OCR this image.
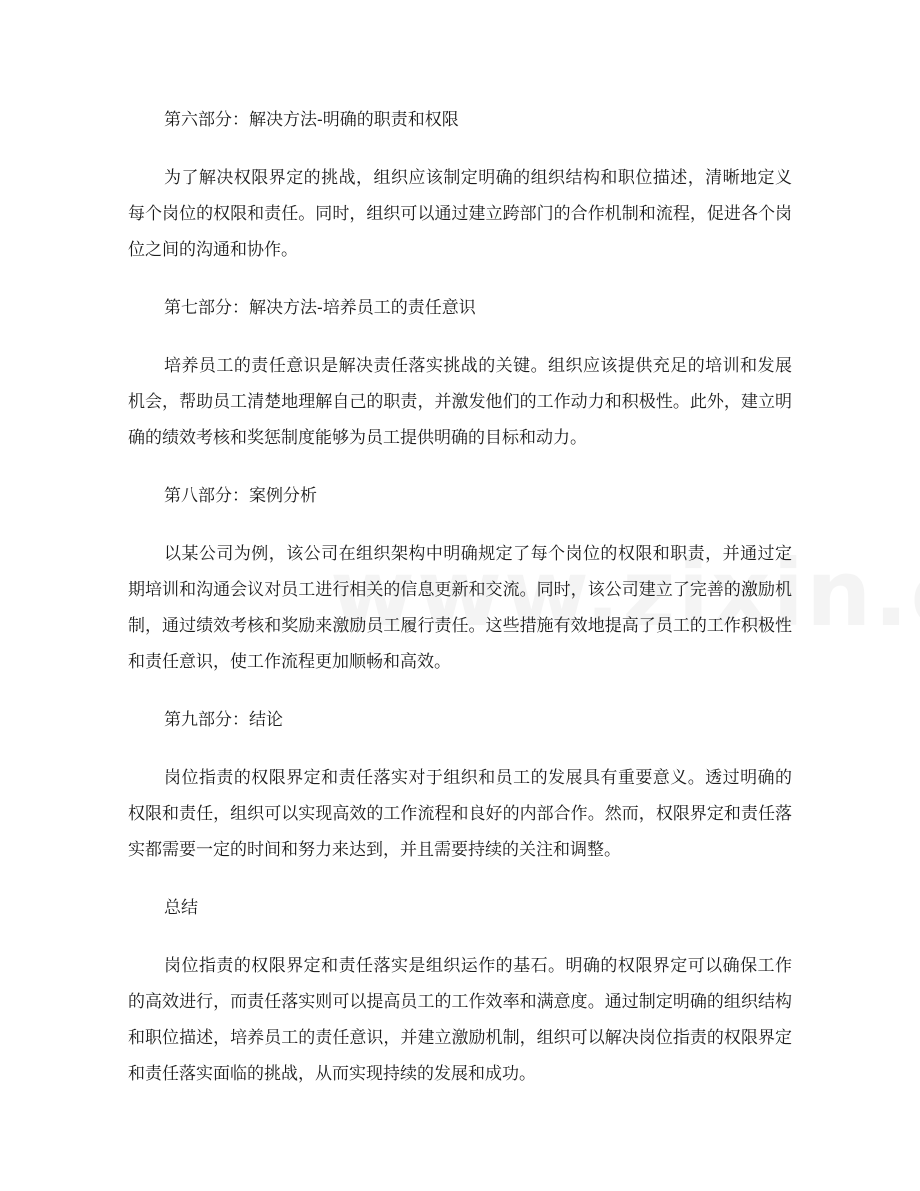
第六部分：解决方法-明确的职责和权限

为了解决权限界定的挑战，组织应该制定明确的组织结构和职位描述，清晰地定义每个岗位的权限和责任。同时，组织可以通过建立跨部门的合作机制和流程，促进各个岗位之间的沟通和协作。

第七部分：解决方法-培养员工的责任意识

培养员工的责任意识是解决责任落实挑战的关键。组织应该提供充足的培训和发展机会，帮助员工清楚地理解自己的职责，并激发他们的工作动力和积极性。此外，建立明确的绩效考核和奖惩制度能够为员工提供明确的目标和动力。

第八部分：案例分析

以某公司为例，该公司在组织架构中明确规定了每个岗位的权限和职责，并通过定期培训和沟通会议对员工进行相关的信息更新和交流。同时，该公司建立了完善的激励机制，通过绩效考核和奖励来激励员工履行责任。这些措施有效地提高了员工的工作积极性和责任意识，使工作流程更加顺畅和高效。

第九部分：结论

岗位指责的权限界定和责任落实对于组织和员工的发展具有重要意义。透过明确的权限和责任，组织可以实现高效的工作流程和良好的内部合作。然而，权限界定和责任落实都需要一定的时间和努力来达到，并且需要持续的关注和调整。

总结

岗位指责的权限界定和责任落实是组织运作的基石。明确的权限界定可以确保工作的高效进行，而责任落实则可以提高员工的工作效率和满意度。通过制定明确的组织结构和职位描述，培养员工的责任意识，并建立激励机制，组织可以解决岗位指责的权限界定和责任落实面临的挑战，从而实现持续的发展和成功。
